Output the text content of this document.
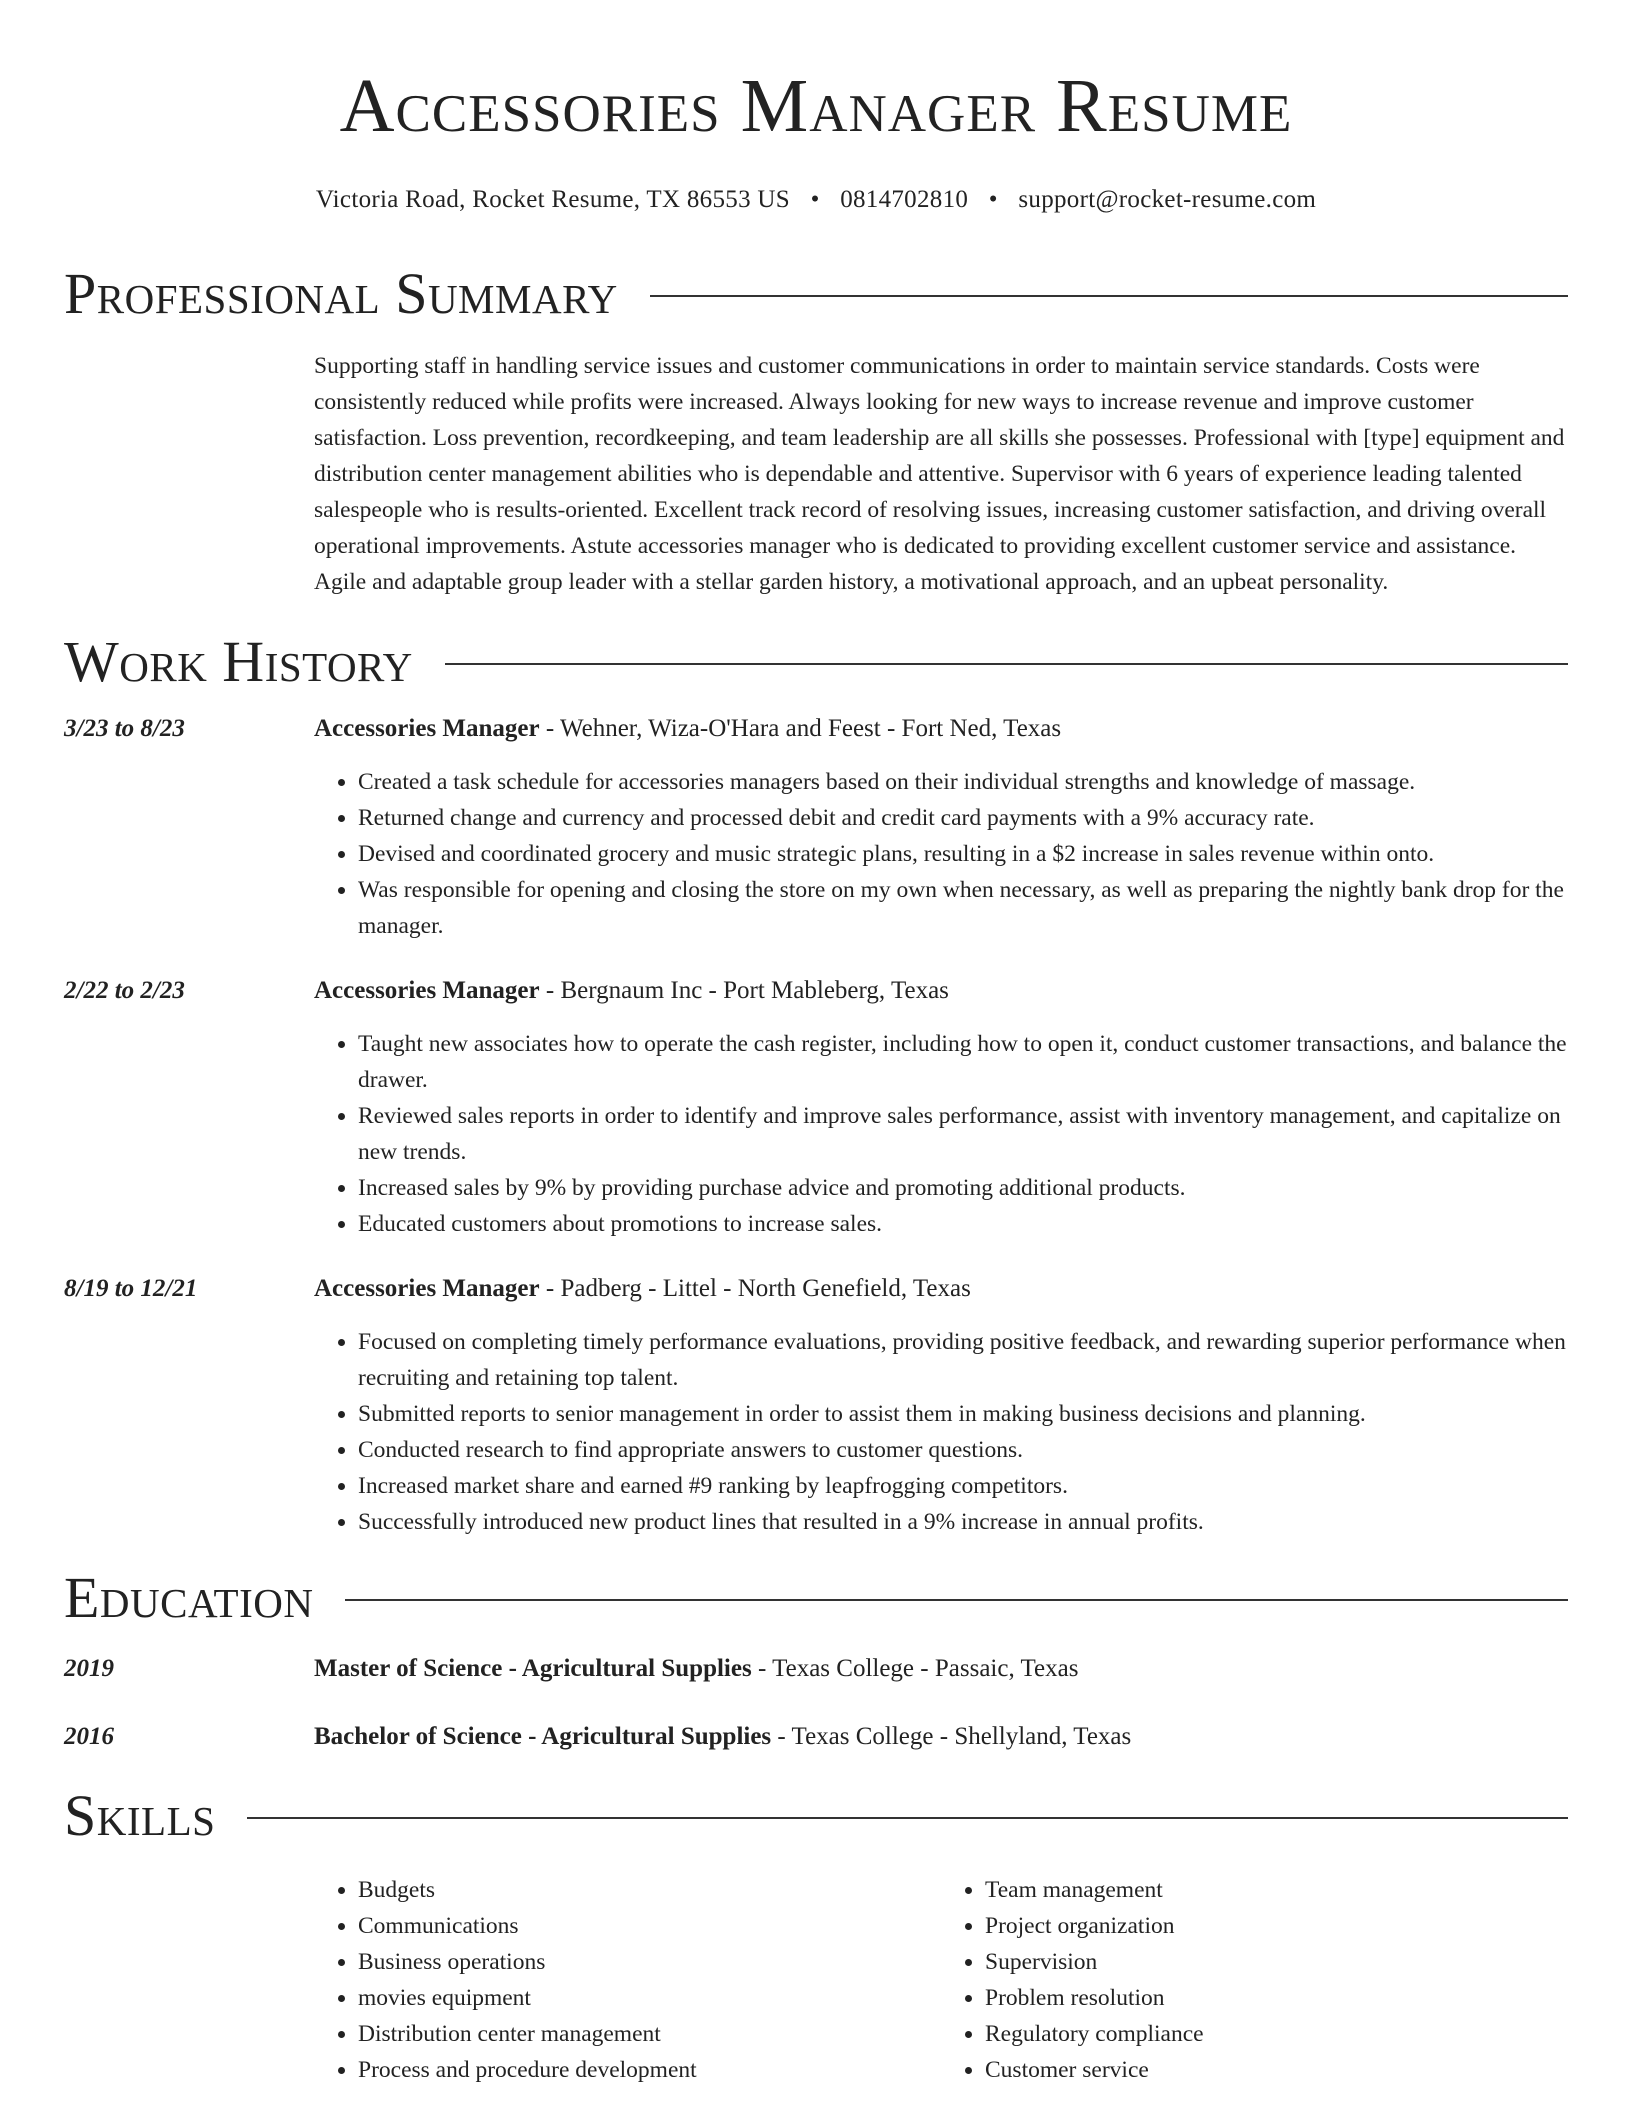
Accessories Manager Resume
Victoria Road, Rocket Resume, TX 86553 US • 0814702810 • support@rocket-resume.com
Professional Summary

Supporting staff in handling service issues and customer communications in order to maintain service standards. Costs were consistently reduced while profits were increased. Always looking for new ways to increase revenue and improve customer satisfaction. Loss prevention, recordkeeping, and team leadership are all skills she possesses. Professional with [type] equipment and distribution center management abilities who is dependable and attentive. Supervisor with 6 years of experience leading talented salespeople who is results-oriented. Excellent track record of resolving issues, increasing customer satisfaction, and driving overall operational improvements. Astute accessories manager who is dedicated to providing excellent customer service and assistance. Agile and adaptable group leader with a stellar garden history, a motivational approach, and an upbeat personality.

Work History
3/23 to 8/23	Accessories Manager - Wehner, Wiza-O'Hara and Feest - Fort Ned, Texas
• Created a task schedule for accessories managers based on their individual strengths and knowledge of massage.
• Returned change and currency and processed debit and credit card payments with a 9% accuracy rate.
• Devised and coordinated grocery and music strategic plans, resulting in a $2 increase in sales revenue within onto.
• Was responsible for opening and closing the store on my own when necessary, as well as preparing the nightly bank drop for the manager.
2/22 to 2/23	Accessories Manager - Bergnaum Inc - Port Mableberg, Texas
• Taught new associates how to operate the cash register, including how to open it, conduct customer transactions, and balance the drawer.
• Reviewed sales reports in order to identify and improve sales performance, assist with inventory management, and capitalize on new trends.
• Increased sales by 9% by providing purchase advice and promoting additional products.
• Educated customers about promotions to increase sales.
8/19 to 12/21	Accessories Manager - Padberg - Littel - North Genefield, Texas
• Focused on completing timely performance evaluations, providing positive feedback, and rewarding superior performance when recruiting and retaining top talent.
• Submitted reports to senior management in order to assist them in making business decisions and planning.
• Conducted research to find appropriate answers to customer questions.
• Increased market share and earned #9 ranking by leapfrogging competitors.
• Successfully introduced new product lines that resulted in a 9% increase in annual profits.
Education
2019	Master of Science - Agricultural Supplies - Texas College - Passaic, Texas
2016	Bachelor of Science - Agricultural Supplies - Texas College - Shellyland, Texas
Skills
• Budgets
• Communications
• Business operations
• movies equipment
• Distribution center management
• Process and procedure development
• Team management
• Project organization
• Supervision
• Problem resolution
• Regulatory compliance
• Customer service
